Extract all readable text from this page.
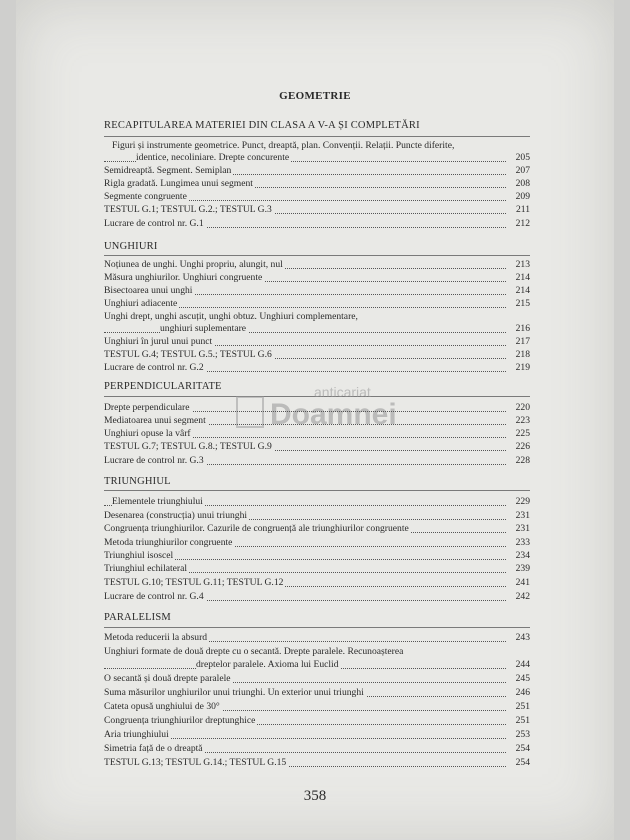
GEOMETRIE
RECAPITULAREA MATERIEI DIN CLASA A V-A ȘI COMPLETĂRI
Figuri și instrumente geometrice. Punct, dreaptă, plan. Convenții. Relații. Puncte diferite,
identice, necoliniare. Drepte concurente	205
Semidreaptă. Segment. Semiplan	207
Rigla gradată. Lungimea unui segment	208
Segmente congruente	209
TESTUL G.1; TESTUL G.2.; TESTUL G.3	211
Lucrare de control nr. G.1	212
UNGHIURI
Noțiunea de unghi. Unghi propriu, alungit, nul	213
Măsura unghiurilor. Unghiuri congruente	214
Bisectoarea unui unghi	214
Unghiuri adiacente	215
Unghi drept, unghi ascuțit, unghi obtuz. Unghiuri complementare,
unghiuri suplementare	216
Unghiuri în jurul unui punct	217
TESTUL G.4; TESTUL G.5.; TESTUL G.6	218
Lucrare de control nr. G.2	219
PERPENDICULARITATE
Drepte perpendiculare	220
Mediatoarea unui segment	223
Unghiuri opuse la vârf	225
TESTUL G.7; TESTUL G.8.; TESTUL G.9	226
Lucrare de control nr. G.3	228
TRIUNGHIUL
Elementele triunghiului	229
Desenarea (construcția) unui triunghi	231
Congruența triunghiurilor. Cazurile de congruență ale triunghiurilor congruente	231
Metoda triunghiurilor congruente	233
Triunghiul isoscel	234
Triunghiul echilateral	239
TESTUL G.10; TESTUL G.11; TESTUL G.12	241
Lucrare de control nr. G.4	242
PARALELISM
Metoda reducerii la absurd	243
Unghiuri formate de două drepte cu o secantă. Drepte paralele. Recunoașterea
dreptelor paralele. Axioma lui Euclid	244
O secantă și două drepte paralele	245
Suma măsurilor unghiurilor unui triunghi. Un exterior unui triunghi	246
Cateta opusă unghiului de 30°	251
Congruența triunghiurilor dreptunghice	251
Aria triunghiului	253
Simetria față de o dreaptă	254
TESTUL G.13; TESTUL G.14.; TESTUL G.15	254
anticariat
Doamnei
358
